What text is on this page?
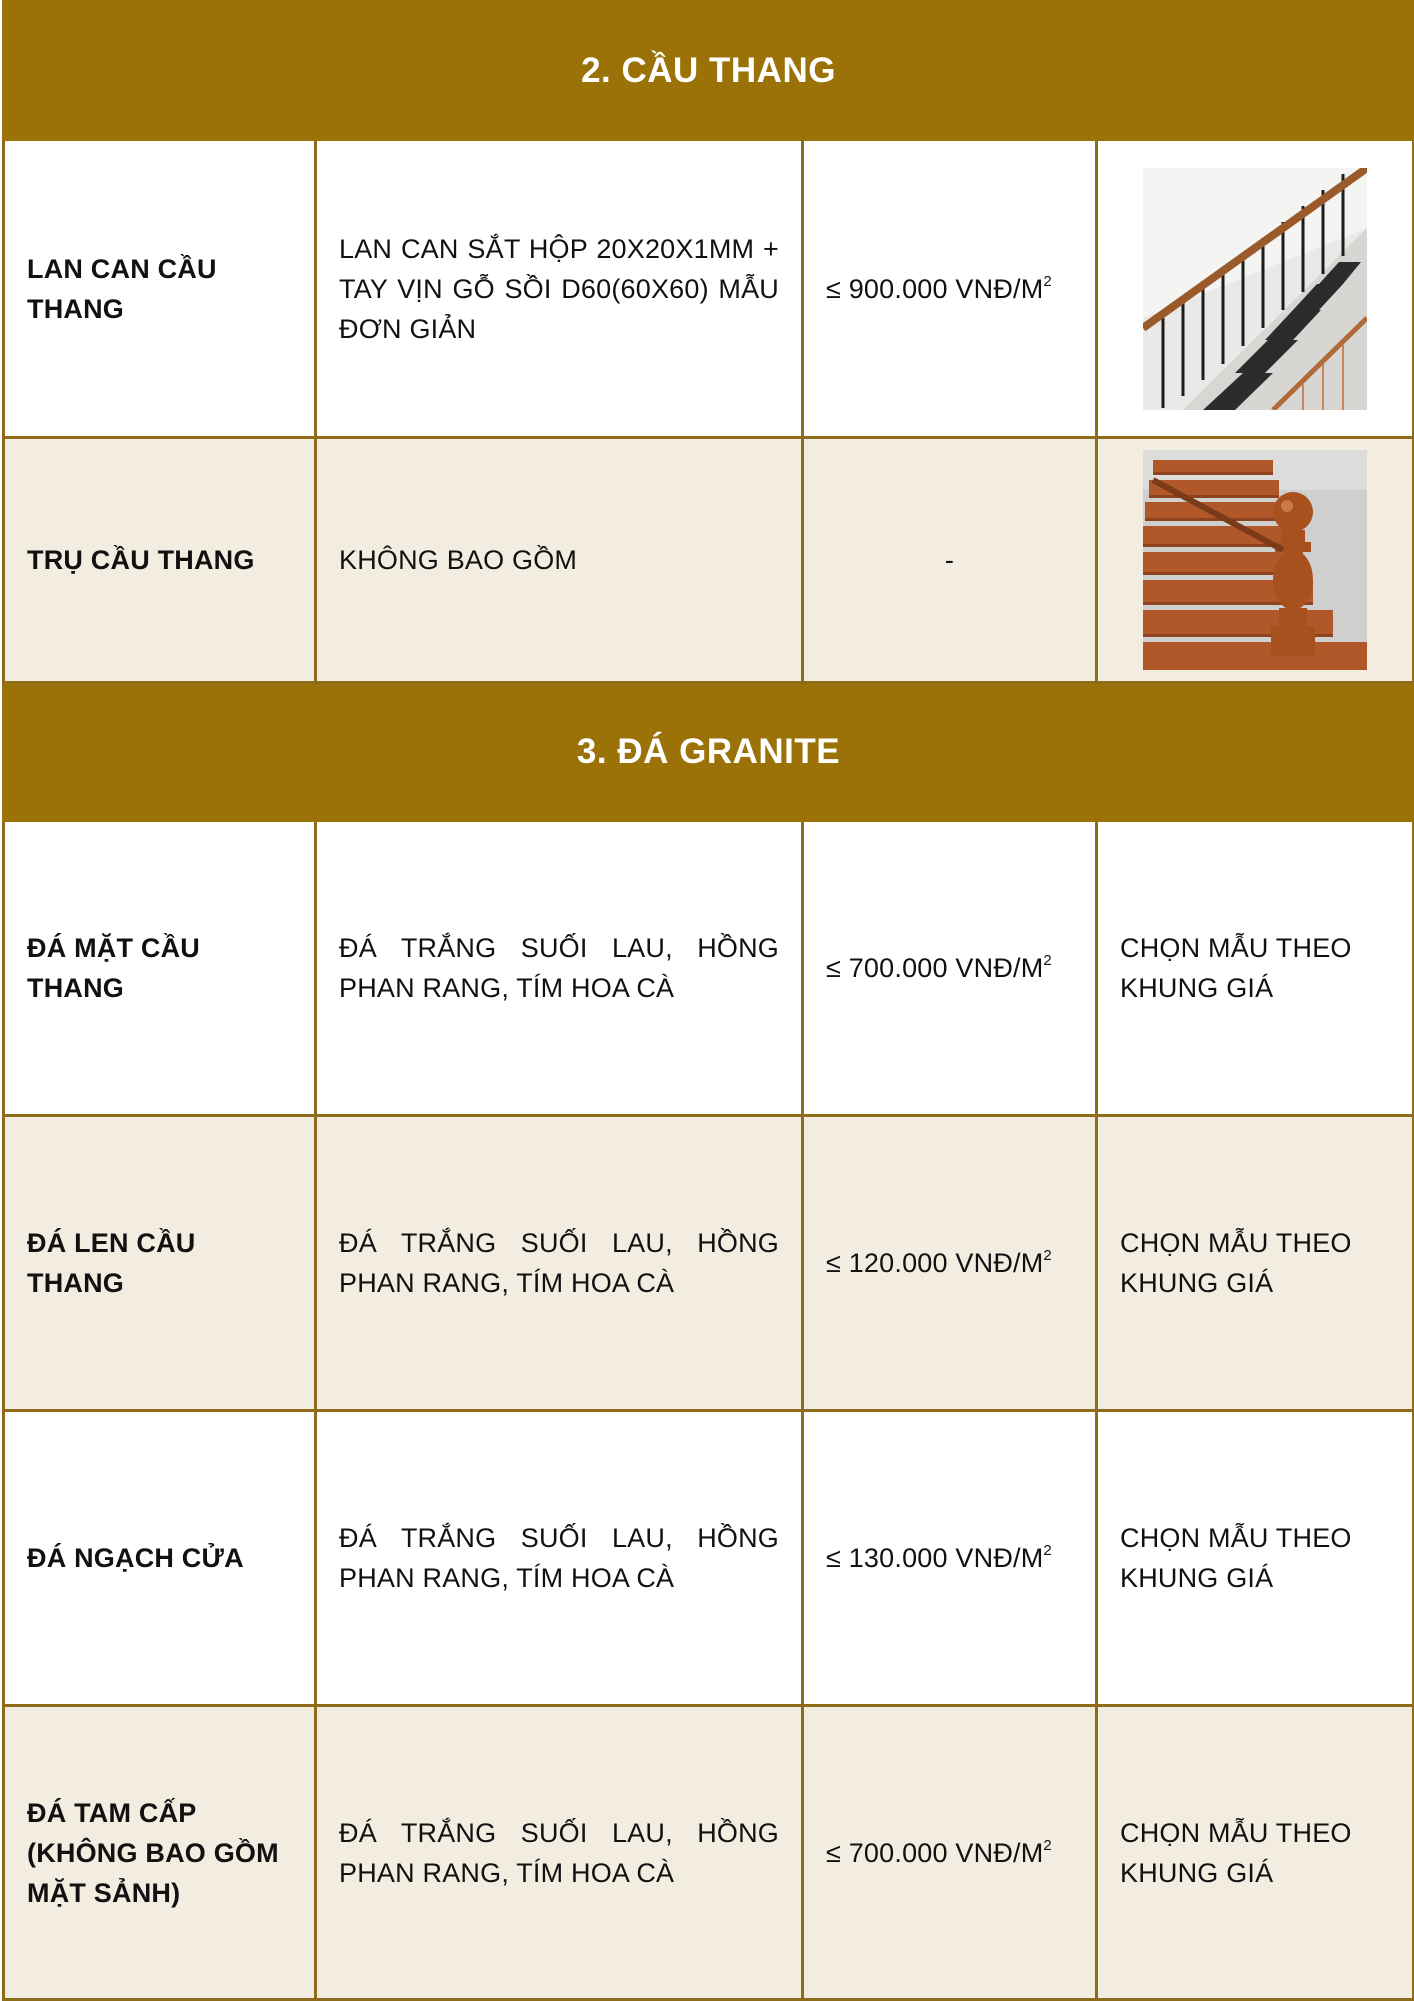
2. CẦU THANG			
LAN CAN CẦU THANG	LAN CAN SẮT HỘP 20X20X1MM + TAY VỊN GỖ SỒI D60(60X60) MẪU ĐƠN GIẢN	≤ 900.000 VNĐ/$M^2$	

TRỤ CẦU THANG	KHÔNG BAO GỒM	-	

3. ĐÁ GRANITE			
ĐÁ MẶT CẦU THANG	ĐÁ TRẮNG SUỐI LAU, HỒNG PHAN RANG, TÍM HOA CÀ	≤ 700.000 VNĐ/$M^2$	CHỌN MẪU THEO KHUNG GIÁ
ĐÁ LEN CẦU THANG	ĐÁ TRẮNG SUỐI LAU, HỒNG PHAN RANG, TÍM HOA CÀ	≤ 120.000 VNĐ/$M^2$	CHỌN MẪU THEO KHUNG GIÁ
ĐÁ NGẠCH CỬA	ĐÁ TRẮNG SUỐI LAU, HỒNG PHAN RANG, TÍM HOA CÀ	≤ 130.000 VNĐ/$M^2$	CHỌN MẪU THEO KHUNG GIÁ
ĐÁ TAM CẤP (KHÔNG BAO GỒM MẶT SẢNH)	ĐÁ TRẮNG SUỐI LAU, HỒNG PHAN RANG, TÍM HOA CÀ	≤ 700.000 VNĐ/$M^2$	CHỌN MẪU THEO KHUNG GIÁ
